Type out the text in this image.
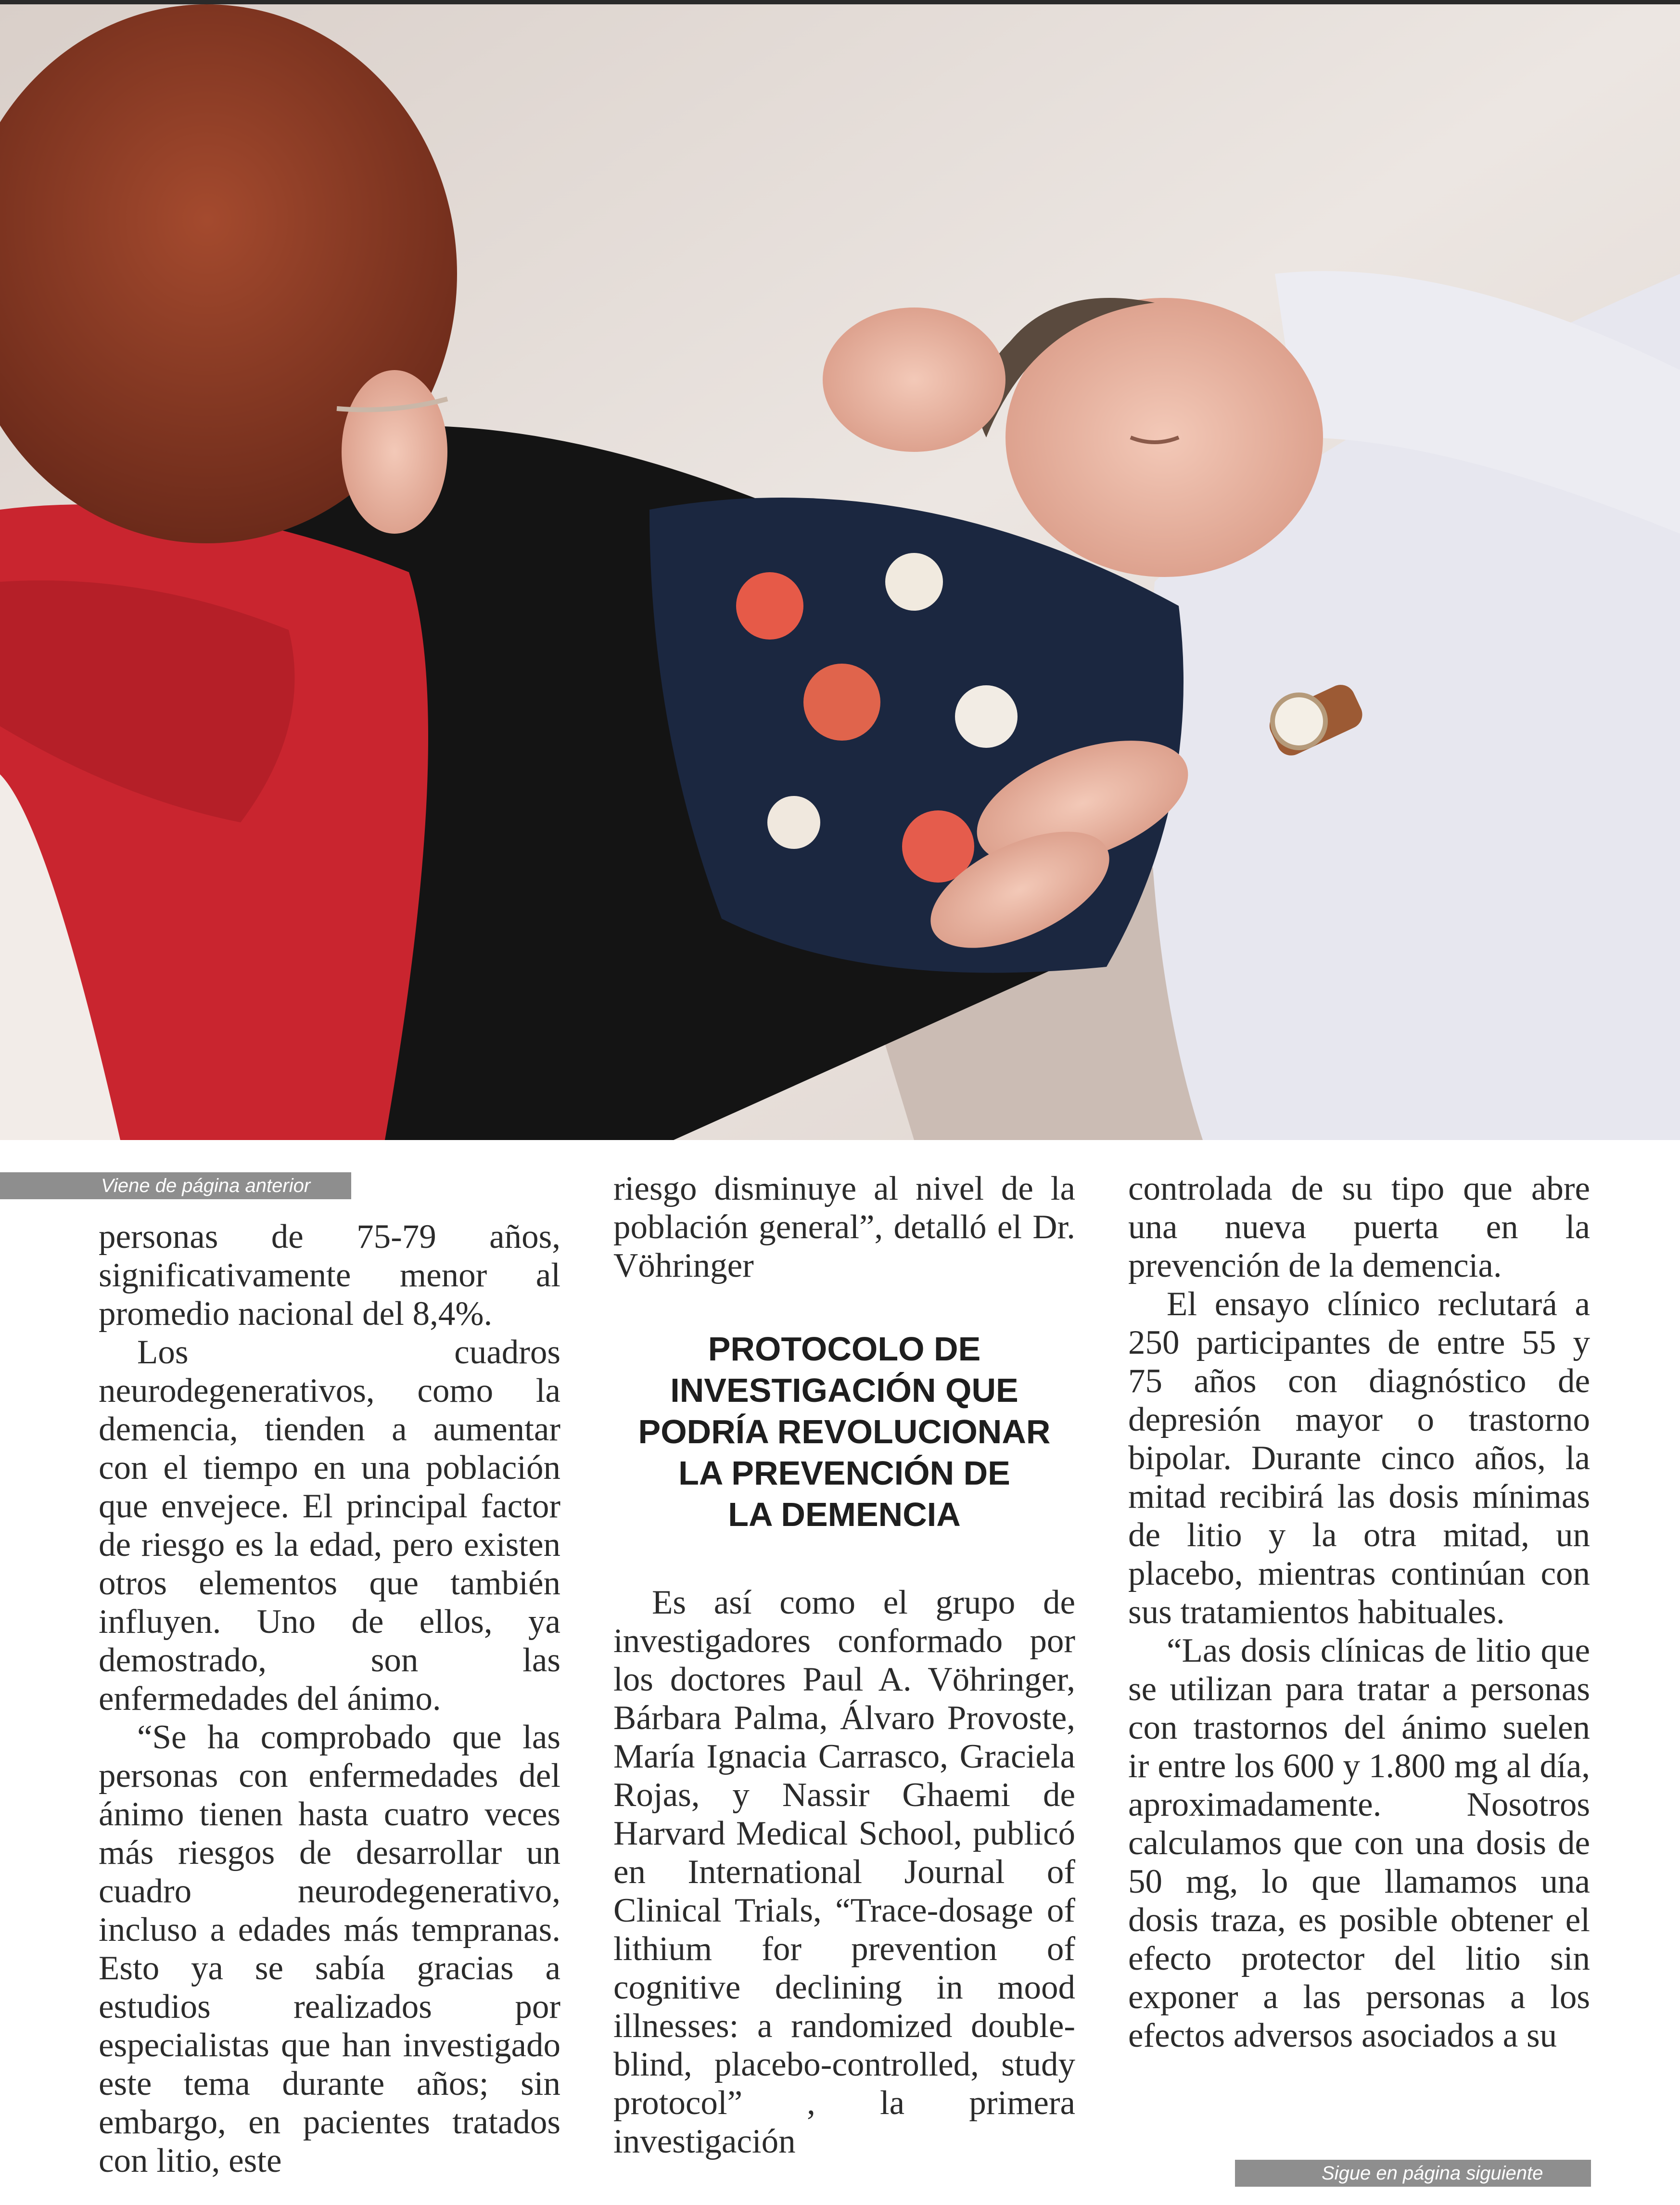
Viene de página anterior

personas de 75-79 años, significativamente menor al promedio nacional del 8,4%.

Los cuadros neurodegenerativos, como la demencia, tienden a aumentar con el tiempo en una población que envejece. El principal factor de riesgo es la edad, pero existen otros elementos que también influyen. Uno de ellos, ya demostrado, son las enfermedades del ánimo.

“Se ha comprobado que las personas con enfermedades del ánimo tienen hasta cuatro veces más riesgos de desarrollar un cuadro neurodegenerativo, incluso a edades más tempranas. Esto ya se sabía gracias a estudios realizados por especialistas que han investigado este tema durante años; sin embargo, en pacientes tratados con litio, este

riesgo disminuye al nivel de la población general”, detalló el Dr. Vöhringer

PROTOCOLO DE
INVESTIGACIÓN QUE
PODRÍA REVOLUCIONAR
LA PREVENCIÓN DE
LA DEMENCIA

Es así como el grupo de investigadores conformado por los doctores Paul A. Vöhringer, Bárbara Palma, Álvaro Provoste, María Ignacia Carrasco, Graciela Rojas, y Nassir Ghaemi de Harvard Medical School, publicó en International Journal of Clinical Trials, “Trace-dosage of lithium for prevention of cognitive declining in mood illnesses: a randomized double-blind, placebo-controlled, study protocol” , la primera investigación

controlada de su tipo que abre una nueva puerta en la prevención de la demencia.

El ensayo clínico reclutará a 250 participantes de entre 55 y 75 años con diagnóstico de depresión mayor o trastorno bipolar. Durante cinco años, la mitad recibirá las dosis mínimas de litio y la otra mitad, un placebo, mientras continúan con sus tratamientos habituales.

“Las dosis clínicas de litio que se utilizan para tratar a personas con trastornos del ánimo suelen ir entre los 600 y 1.800 mg al día, aproximadamente. Nosotros calculamos que con una dosis de 50 mg, lo que llamamos una dosis traza, es posible obtener el efecto protector del litio sin exponer a las personas a los efectos adversos asociados a su

Sigue en página siguiente
